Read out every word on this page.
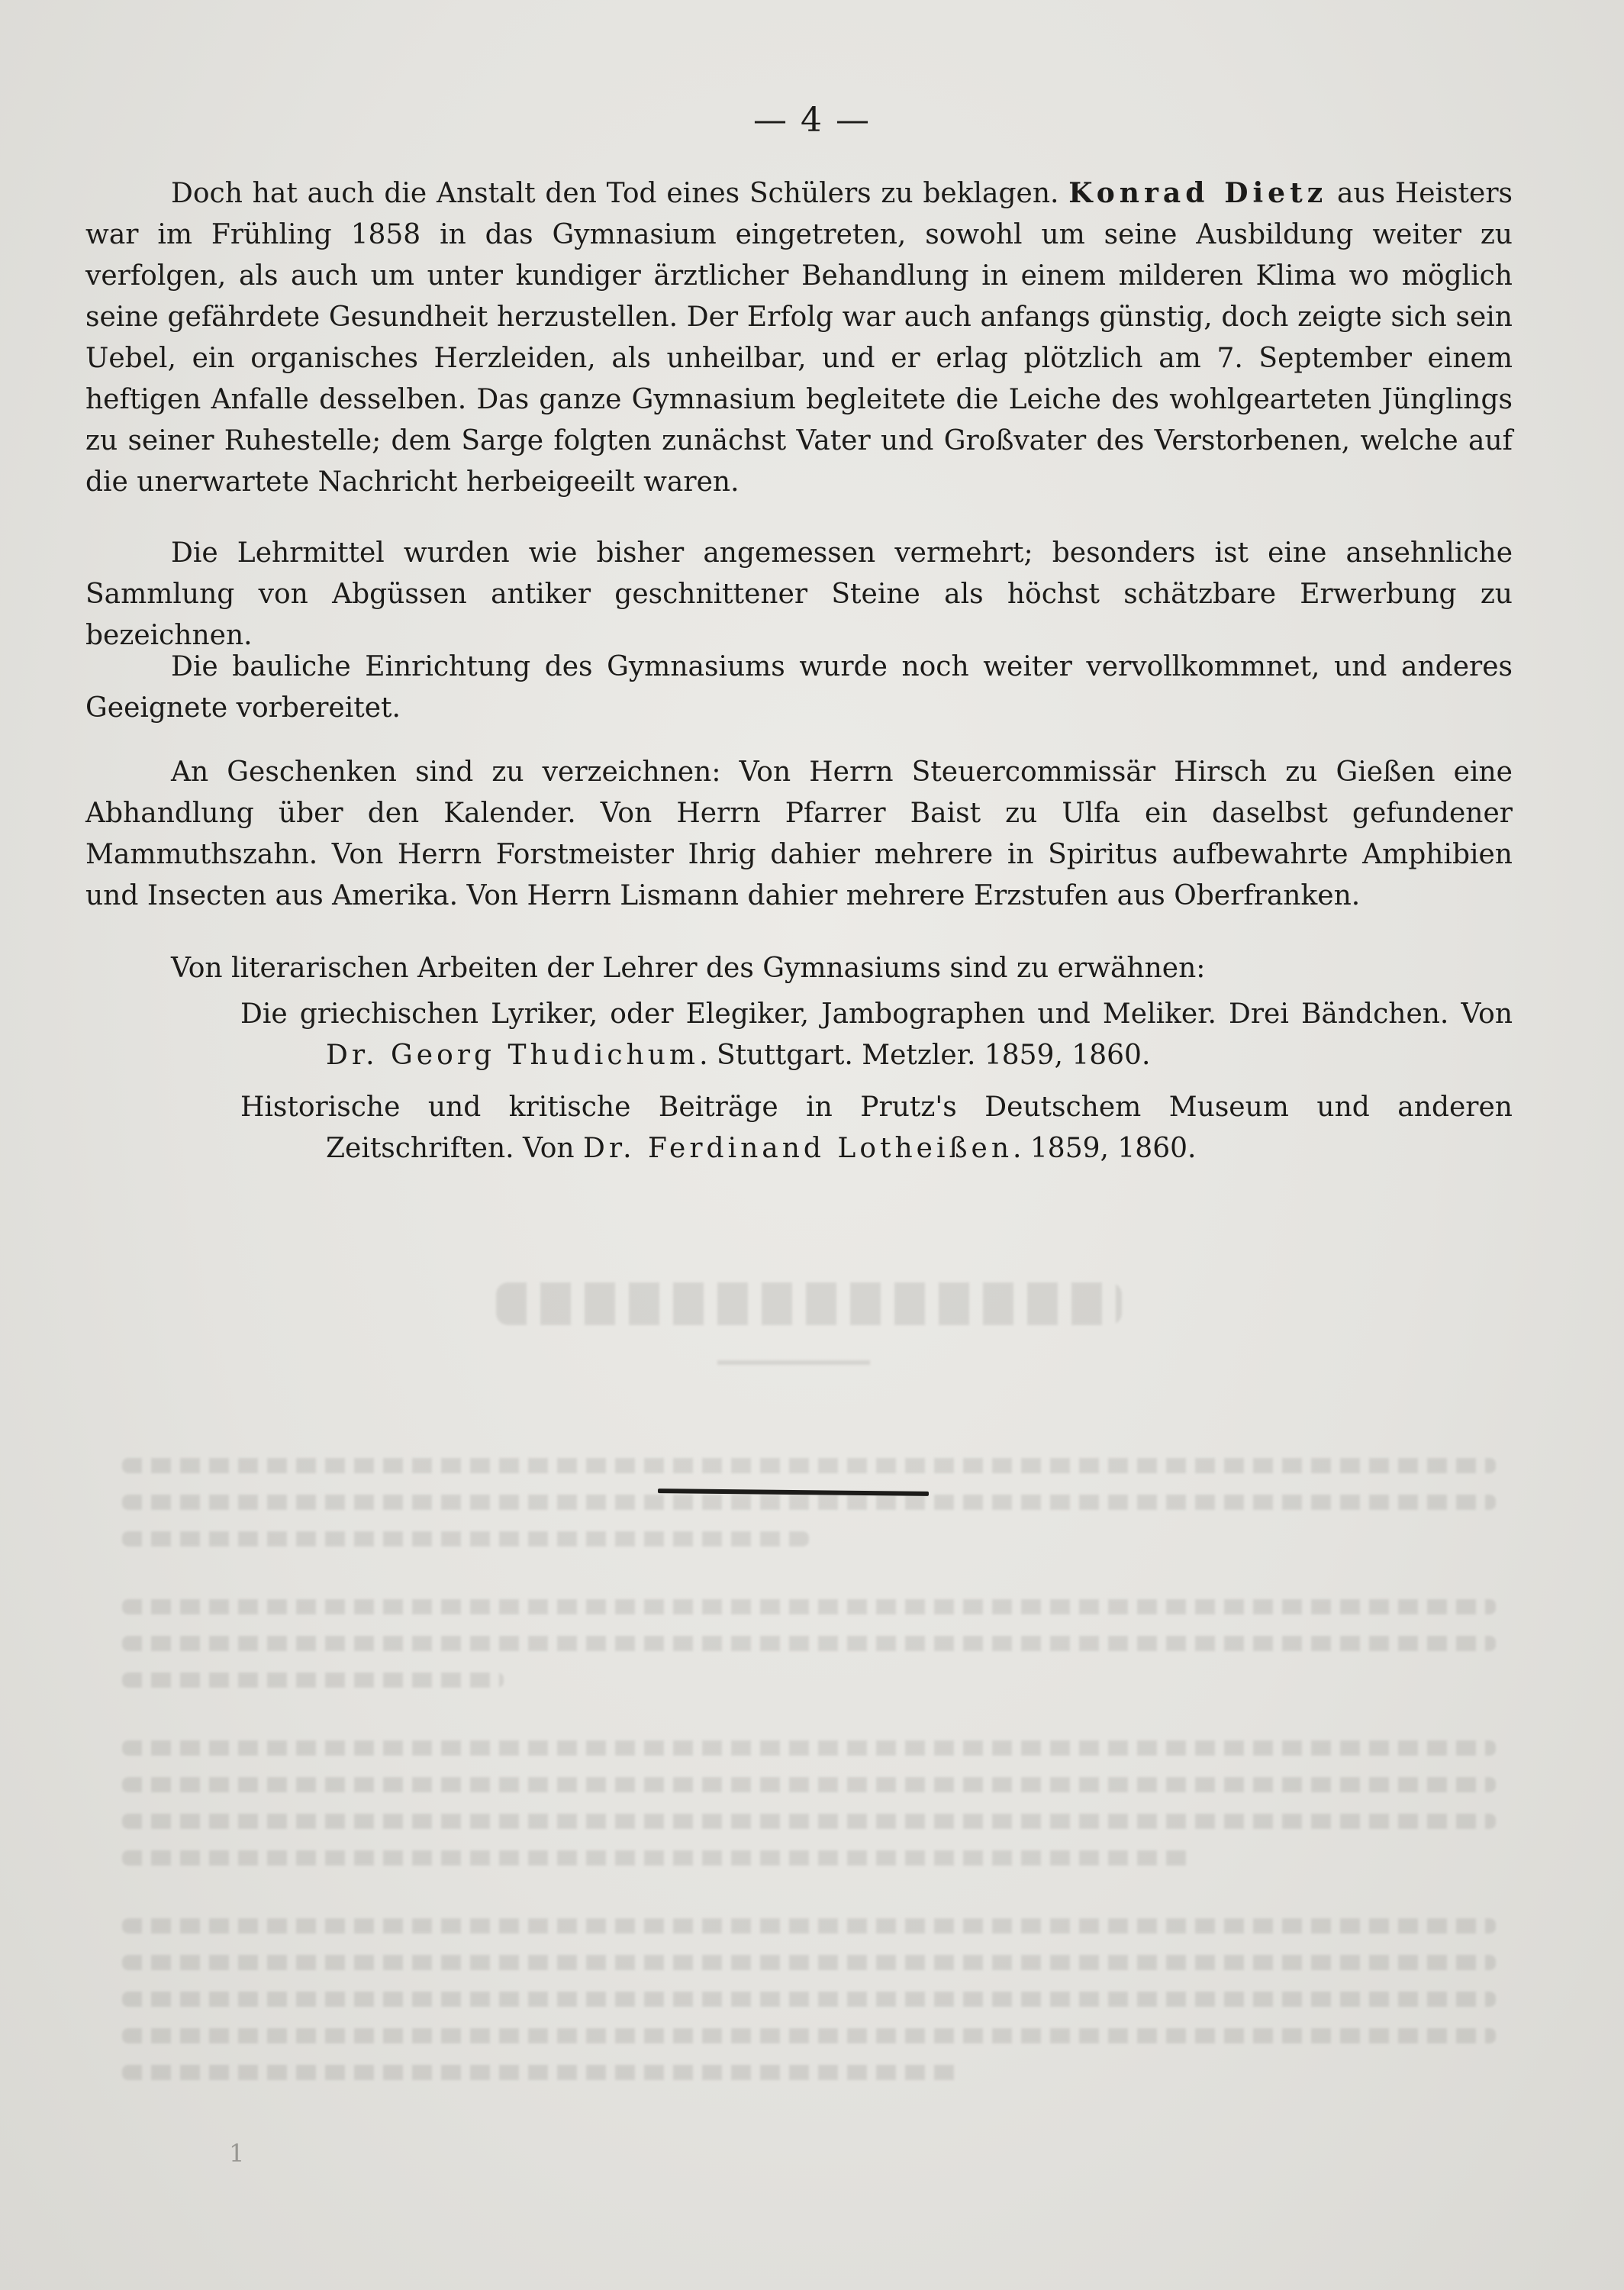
— 4 —

Doch hat auch die Anstalt den Tod eines Schülers zu beklagen. Konrad Dietz aus Heisters war im Frühling 1858 in das Gymnasium eingetreten, sowohl um seine Ausbildung weiter zu verfolgen, als auch um unter kundiger ärztlicher Behandlung in einem milderen Klima wo möglich seine gefährdete Gesundheit herzustellen. Der Erfolg war auch anfangs günstig, doch zeigte sich sein Uebel, ein organisches Herzleiden, als unheilbar, und er erlag plötzlich am 7. September einem heftigen Anfalle desselben. Das ganze Gymnasium begleitete die Leiche des wohlgearteten Jünglings zu seiner Ruhestelle; dem Sarge folgten zunächst Vater und Großvater des Verstorbenen, welche auf die unerwartete Nachricht herbeigeeilt waren.

Die Lehrmittel wurden wie bisher angemessen vermehrt; besonders ist eine ansehnliche Sammlung von Abgüssen antiker geschnittener Steine als höchst schätzbare Erwerbung zu bezeichnen.

Die bauliche Einrichtung des Gymnasiums wurde noch weiter vervollkommnet, und anderes Geeignete vorbereitet.

An Geschenken sind zu verzeichnen: Von Herrn Steuercommissär Hirsch zu Gießen eine Abhandlung über den Kalender. Von Herrn Pfarrer Baist zu Ulfa ein daselbst gefundener Mammuthszahn. Von Herrn Forstmeister Ihrig dahier mehrere in Spiritus aufbewahrte Amphibien und Insecten aus Amerika. Von Herrn Lismann dahier mehrere Erzstufen aus Oberfranken.

Von literarischen Arbeiten der Lehrer des Gymnasiums sind zu erwähnen:

Die griechischen Lyriker, oder Elegiker, Jambographen und Meliker. Drei Bändchen. Von Dr. Georg Thudichum. Stuttgart. Metzler. 1859, 1860.

Historische und kritische Beiträge in Prutz's Deutschem Museum und anderen Zeitschriften. Von Dr. Ferdinand Lotheißen. 1859, 1860.

1
